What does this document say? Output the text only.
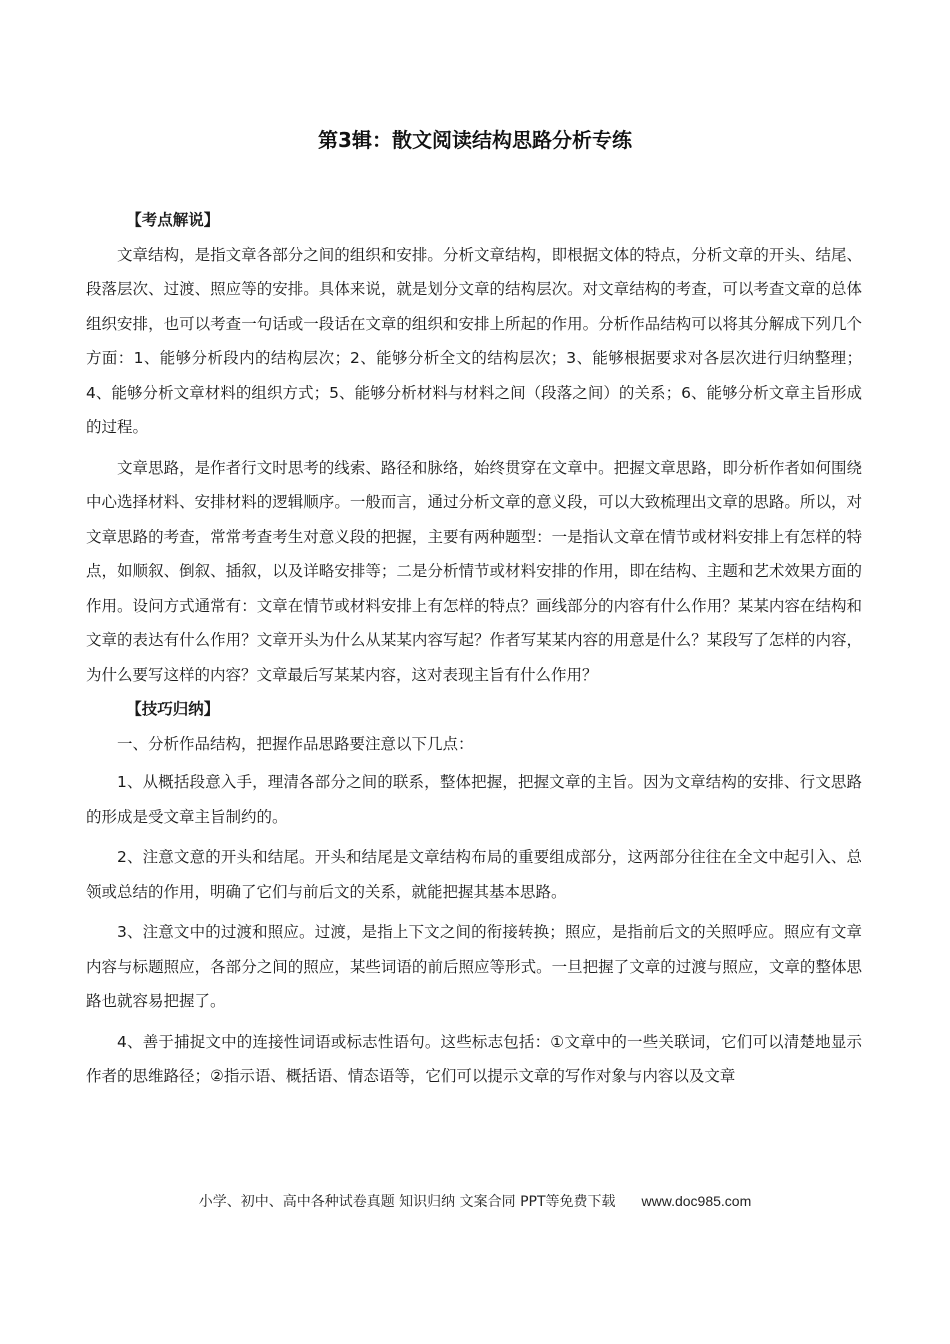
第3辑：散文阅读结构思路分析专练

【考点解说】

文章结构，是指文章各部分之间的组织和安排。分析文章结构，即根据文体的特点，分析文章的开头、结尾、段落层次、过渡、照应等的安排。具体来说，就是划分文章的结构层次。对文章结构的考查，可以考查文章的总体组织安排，也可以考查一句话或一段话在文章的组织和安排上所起的作用。分析作品结构可以将其分解成下列几个方面：1、能够分析段内的结构层次；2、能够分析全文的结构层次；3、能够根据要求对各层次进行归纳整理；4、能够分析文章材料的组织方式；5、能够分析材料与材料之间（段落之间）的关系；6、能够分析文章主旨形成的过程。

文章思路，是作者行文时思考的线索、路径和脉络，始终贯穿在文章中。把握文章思路，即分析作者如何围绕中心选择材料、安排材料的逻辑顺序。一般而言，通过分析文章的意义段，可以大致梳理出文章的思路。所以，对文章思路的考查，常常考查考生对意义段的把握，主要有两种题型：一是指认文章在情节或材料安排上有怎样的特点，如顺叙、倒叙、插叙，以及详略安排等；二是分析情节或材料安排的作用，即在结构、主题和艺术效果方面的作用。设问方式通常有：文章在情节或材料安排上有怎样的特点？画线部分的内容有什么作用？某某内容在结构和文章的表达有什么作用？文章开头为什么从某某内容写起？作者写某某内容的用意是什么？某段写了怎样的内容，为什么要写这样的内容？文章最后写某某内容，这对表现主旨有什么作用？

【技巧归纳】

一、分析作品结构，把握作品思路要注意以下几点：

1、从概括段意入手，理清各部分之间的联系，整体把握，把握文章的主旨。因为文章结构的安排、行文思路的形成是受文章主旨制约的。

2、注意文意的开头和结尾。开头和结尾是文章结构布局的重要组成部分，这两部分往往在全文中起引入、总领或总结的作用，明确了它们与前后文的关系，就能把握其基本思路。

3、注意文中的过渡和照应。过渡，是指上下文之间的衔接转换；照应，是指前后文的关照呼应。照应有文章内容与标题照应，各部分之间的照应，某些词语的前后照应等形式。一旦把握了文章的过渡与照应，文章的整体思路也就容易把握了。

4、善于捕捉文中的连接性词语或标志性语句。这些标志包括：①文章中的一些关联词，它们可以清楚地显示作者的思维路径；②指示语、概括语、情态语等，它们可以提示文章的写作对象与内容以及文章

小学、初中、高中各种试卷真题 知识归纳 文案合同 PPT等免费下载 www.doc985.com
